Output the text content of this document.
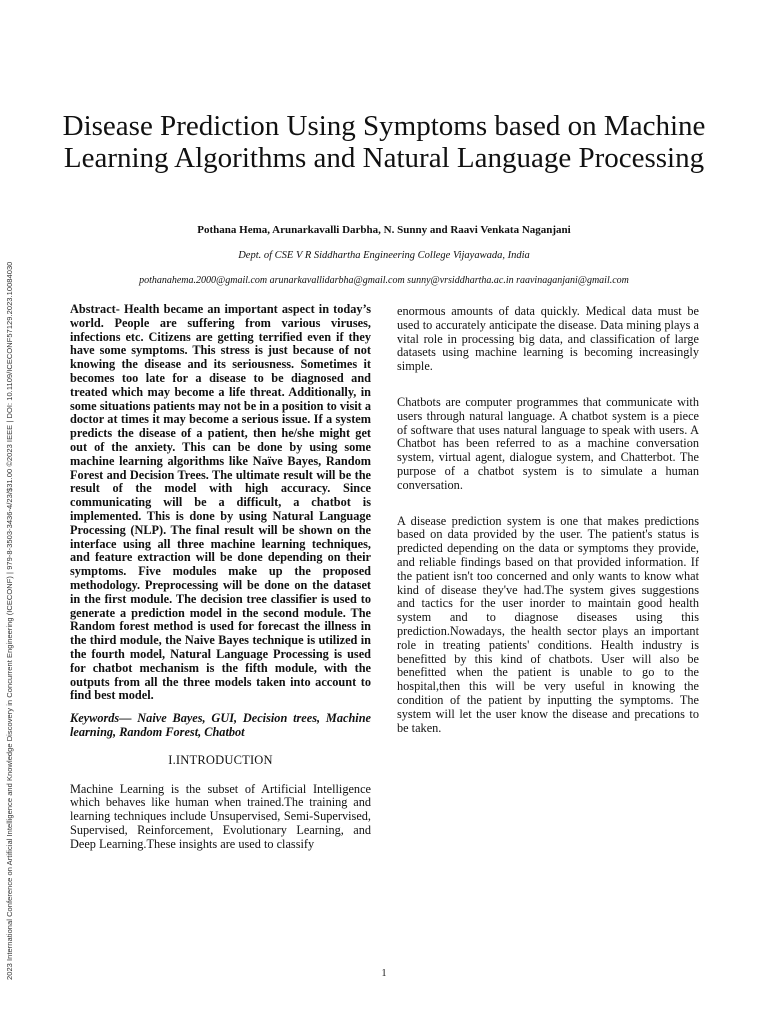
2023 International Conference on Artificial Intelligence and Knowledge Discovery in Concurrent Engineering (ICECONF) | 979-8-3503-3436-4/23/$31.00 ©2023 IEEE | DOI: 10.1109/ICECONF57129.2023.10084030
Disease Prediction Using Symptoms based on Machine Learning Algorithms and Natural Language Processing
Pothana Hema, Arunarkavalli Darbha, N. Sunny and Raavi Venkata Naganjani
Dept. of CSE V R Siddhartha Engineering College Vijayawada, India
pothanahema.2000@gmail.com arunarkavallidarbha@gmail.com sunny@vrsiddhartha.ac.in raavinaganjani@gmail.com

Abstract- Health became an important aspect in today’s world. People are suffering from various viruses, infections etc. Citizens are getting terrified even if they have some symptoms. This stress is just because of not knowing the disease and its seriousness. Sometimes it becomes too late for a disease to be diagnosed and treated which may become a life threat. Additionally, in some situations patients may not be in a position to visit a doctor at times it may become a serious issue. If a system predicts the disease of a patient, then he/she might get out of the anxiety. This can be done by using some machine learning algorithms like Naïve Bayes, Random Forest and Decision Trees. The ultimate result will be the result of the model with high accuracy. Since communicating will be a difficult, a chatbot is implemented. This is done by using Natural Language Processing (NLP). The final result will be shown on the interface using all three machine learning techniques, and feature extraction will be done depending on their symptoms. Five modules make up the proposed methodology. Preprocessing will be done on the dataset in the first module. The decision tree classifier is used to generate a prediction model in the second module. The Random forest method is used for forecast the illness in the third module, the Naive Bayes technique is utilized in the fourth model, Natural Language Processing is used for chatbot mechanism is the fifth module, with the outputs from all the three models taken into account to find best model.

Keywords— Naive Bayes, GUI, Decision trees, Machine learning, Random Forest, Chatbot

I.INTRODUCTION

Machine Learning is the subset of Artificial Intelligence which behaves like human when trained.The training and learning techniques include Unsupervised, Semi-Supervised, Supervised, Reinforcement, Evolutionary Learning, and Deep Learning.These insights are used to classify

enormous amounts of data quickly. Medical data must be used to accurately anticipate the disease. Data mining plays a vital role in processing big data, and classification of large datasets using machine learning is becoming increasingly simple.

Chatbots are computer programmes that communicate with users through natural language. A chatbot system is a piece of software that uses natural language to speak with users. A Chatbot has been referred to as a machine conversation system, virtual agent, dialogue system, and Chatterbot. The purpose of a chatbot system is to simulate a human conversation.

A disease prediction system is one that makes predictions based on data provided by the user. The patient's status is predicted depending on the data or symptoms they provide, and reliable findings based on that provided information. If the patient isn't too concerned and only wants to know what kind of disease they've had.The system gives suggestions and tactics for the user inorder to maintain good health system and to diagnose diseases using this prediction.Nowadays, the health sector plays an important role in treating patients' conditions. Health industry is benefitted by this kind of chatbots. User will also be benefitted when the patient is unable to go to the hospital,then this will be very useful in knowing the condition of the patient by inputting the symptoms. The system will let the user know the disease and precations to be taken.

1
